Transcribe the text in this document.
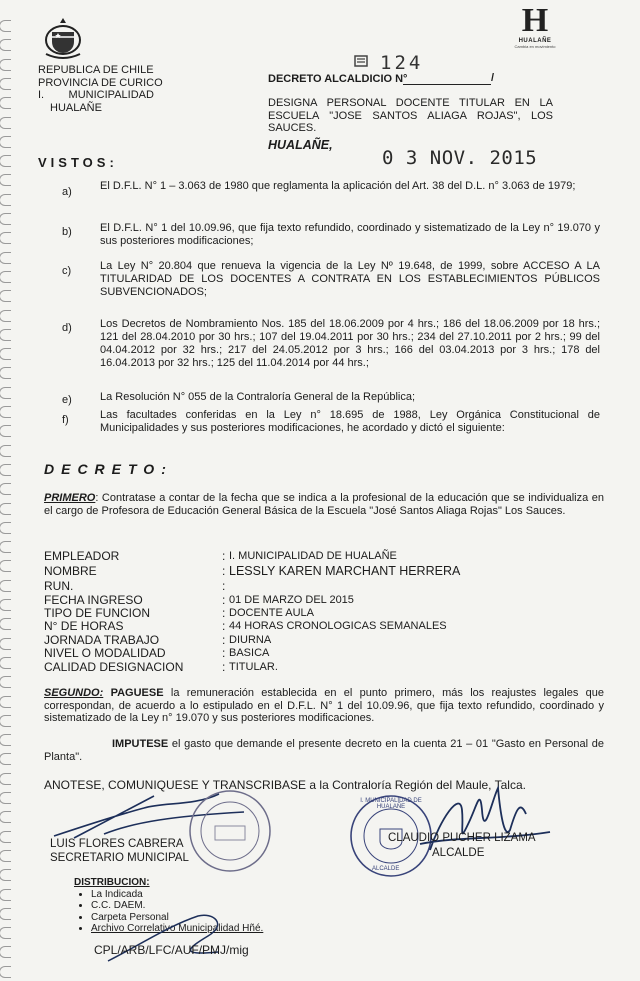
H
HUALAÑE
Cambia en movimiento
REPUBLICA DE CHILE
PROVINCIA DE CURICO
I.        MUNICIPALIDAD
HUALAÑE
124
DECRETO ALCALDICIO N°	/
DESIGNA PERSONAL DOCENTE TITULAR EN LA ESCUELA "JOSE SANTOS ALIAGA ROJAS", LOS SAUCES.
HUALAÑE,
0 3 NOV. 2015
VISTOS:
a)	El D.F.L. N° 1 – 3.063 de 1980 que reglamenta la aplicación del Art. 38 del D.L. n° 3.063 de 1979;
b)	El D.F.L. N° 1 del 10.09.96, que fija texto refundido, coordinado y sistematizado de la Ley n° 19.070 y sus posteriores modificaciones;
c)	La Ley N° 20.804 que renueva la vigencia de la Ley Nº 19.648, de 1999, sobre ACCESO A LA TITULARIDAD DE LOS DOCENTES A CONTRATA EN LOS ESTABLECIMIENTOS PÚBLICOS SUBVENCIONADOS;
d)	Los Decretos de Nombramiento Nos. 185 del 18.06.2009 por 4 hrs.; 186 del 18.06.2009 por 18 hrs.; 121 del 28.04.2010 por 30 hrs.; 107 del 19.04.2011 por 30 hrs.; 234 del 27.10.2011 por 2 hrs.; 99 del 04.04.2012 por 32 hrs.; 217 del 24.05.2012 por 3 hrs.; 166 del 03.04.2013 por 3 hrs.; 178 del 16.04.2013 por 32 hrs.; 125 del 11.04.2014 por 44 hrs.;
e)	La Resolución N° 055 de la Contraloría General de la República;
f)	Las facultades conferidas en la Ley n° 18.695 de 1988, Ley Orgánica Constitucional de Municipalidades y sus posteriores modificaciones, he acordado y dictó el siguiente:
DECRETO:
PRIMERO: Contratase a contar de la fecha que se indica a la profesional de la educación que se individualiza en el cargo de Profesora de Educación General Básica de la Escuela "José Santos Aliaga Rojas" Los Sauces.
EMPLEADOR	: I. MUNICIPALIDAD DE HUALAÑE
NOMBRE	: LESSLY KAREN MARCHANT HERRERA
RUN.	:
FECHA INGRESO	: 01 DE MARZO DEL 2015
TIPO DE FUNCION	: DOCENTE AULA
N° DE HORAS	: 44 HORAS CRONOLOGICAS SEMANALES
JORNADA TRABAJO	: DIURNA
NIVEL O MODALIDAD	: BASICA
CALIDAD DESIGNACION	: TITULAR.
SEGUNDO: PAGUESE la remuneración establecida en el punto primero, más los reajustes legales que correspondan, de acuerdo a lo estipulado en el D.F.L. N° 1 del 10.09.96, que fija texto refundido, coordinado y sistematizado de la Ley n° 19.070 y sus posteriores modificaciones.
IMPUTESE el gasto que demande el presente decreto en la cuenta 21 – 01 "Gasto en Personal de Planta".
ANOTESE, COMUNIQUESE Y TRANSCRIBASE a la Contraloría Región del Maule, Talca.
I. MUNICIPALIDAD DE HUALAÑE
ALCALDE
LUIS FLORES CABRERA
SECRETARIO MUNICIPAL
CLAUDIO PUCHER LIZAMA
ALCALDE
DISTRIBUCION:
• La Indicada
• C.C. DAEM.
• Carpeta Personal
• Archivo Correlativo Municipalidad Hñé.
CPL/ARB/LFC/AUF/PMJ/mig
